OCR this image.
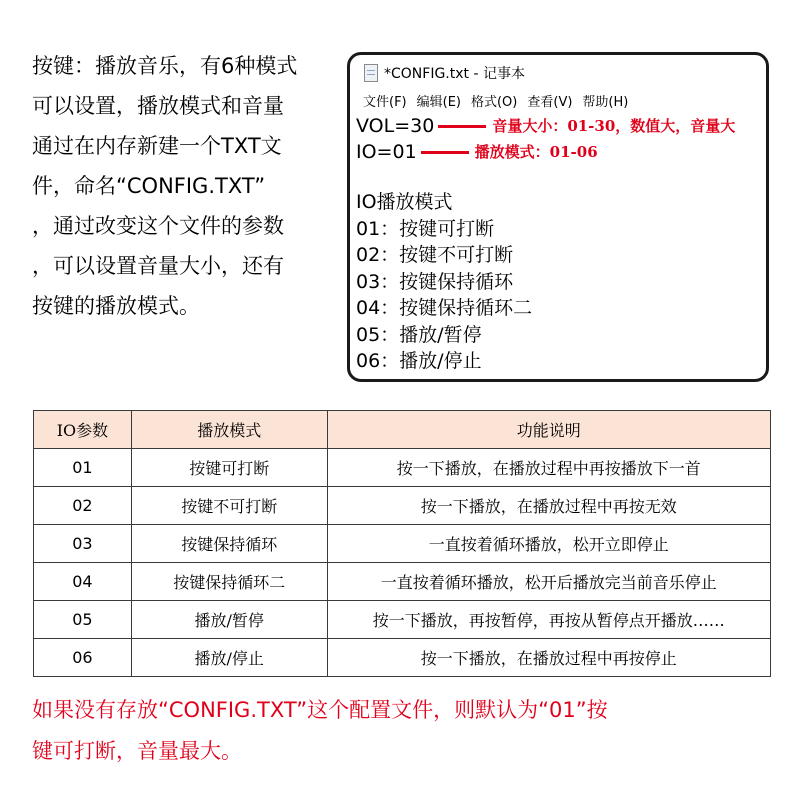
按键：播放音乐，有6种模式
可以设置，播放模式和音量
通过在内存新建一个TXT文
件，命名“CONFIG.TXT”
，通过改变这个文件的参数
，可以设置音量大小，还有
按键的播放模式。
*CONFIG.txt - 记事本
文件(F) 编辑(E) 格式(O) 查看(V) 帮助(H)
VOL=30	音量大小：01-30，数值大，音量大
IO=01	播放模式：01-06
IO播放模式
01：按键可打断
02：按键不可打断
03：按键保持循环
04：按键保持循环二
05：播放/暂停
06：播放/停止
IO参数	播放模式	功能说明
01	按键可打断	按一下播放，在播放过程中再按播放下一首
02	按键不可打断	按一下播放，在播放过程中再按无效
03	按键保持循环	一直按着循环播放，松开立即停止
04	按键保持循环二	一直按着循环播放，松开后播放完当前音乐停止
05	播放/暂停	按一下播放，再按暂停，再按从暂停点开播放……
06	播放/停止	按一下播放，在播放过程中再按停止
如果没有存放“CONFIG.TXT”这个配置文件，则默认为“01”按
键可打断，音量最大。
